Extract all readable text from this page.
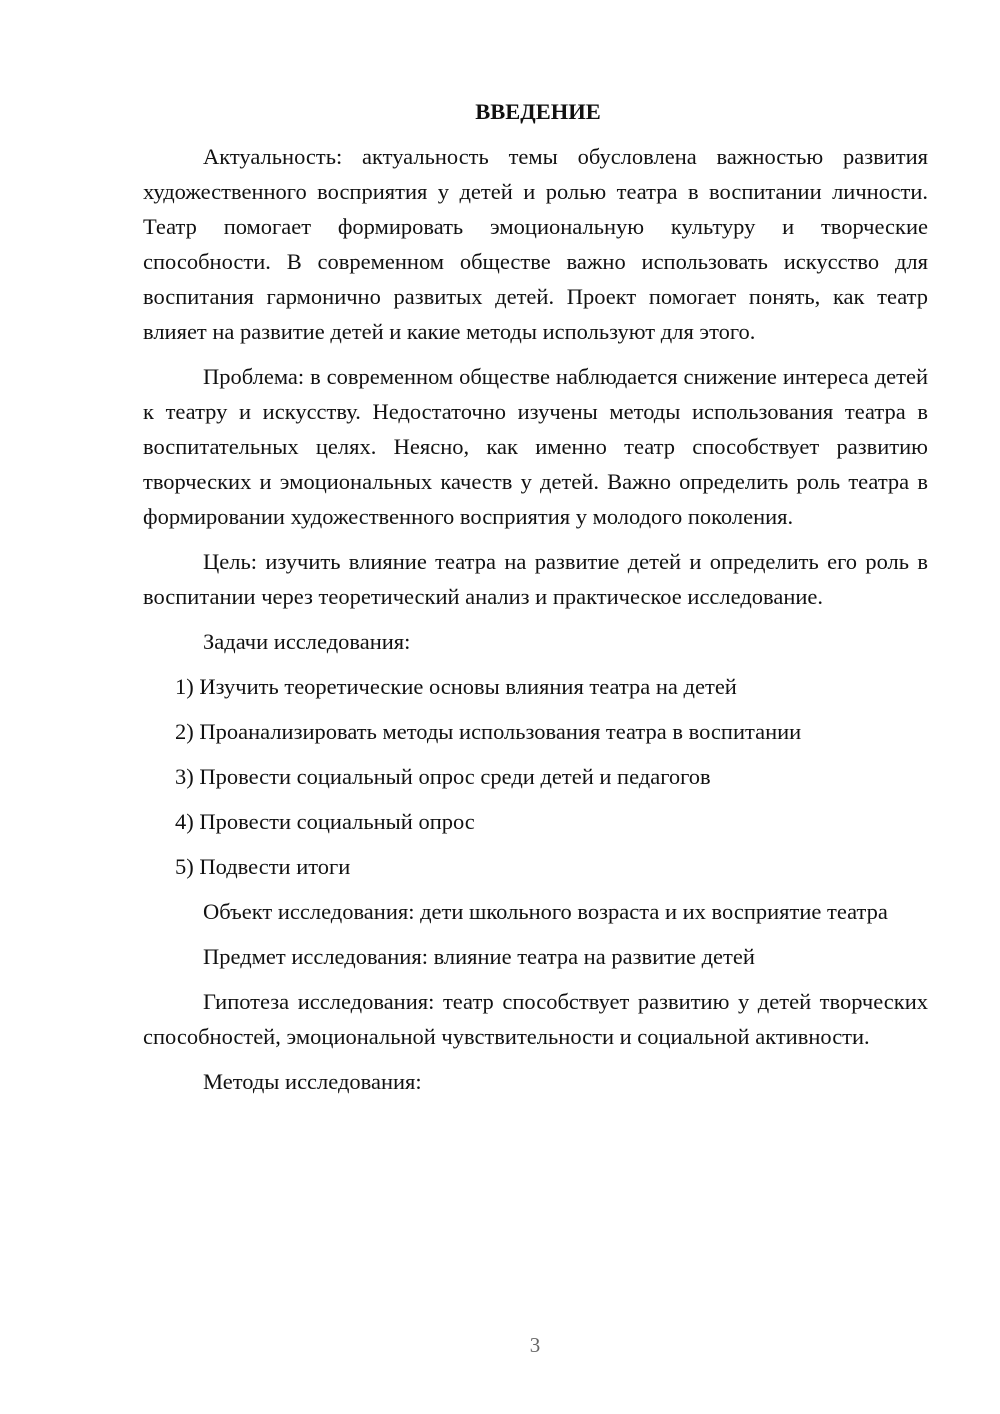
ВВЕДЕНИЕ

Актуальность: актуальность темы обусловлена важностью развития художественного восприятия у детей и ролью театра в воспитании личности. Театр помогает формировать эмоциональную культуру и творческие способности. В современном обществе важно использовать искусство для воспитания гармонично развитых детей. Проект помогает понять, как театр влияет на развитие детей и какие методы используют для этого.

Проблема: в современном обществе наблюдается снижение интереса детей к театру и искусству. Недостаточно изучены методы использования театра в воспитательных целях. Неясно, как именно театр способствует развитию творческих и эмоциональных качеств у детей. Важно определить роль театра в формировании художественного восприятия у молодого поколения.

Цель: изучить влияние театра на развитие детей и определить его роль в воспитании через теоретический анализ и практическое исследование.

Задачи исследования:

1) Изучить теоретические основы влияния театра на детей

2) Проанализировать методы использования театра в воспитании

3) Провести социальный опрос среди детей и педагогов

4) Провести социальный опрос

5) Подвести итоги

Объект исследования: дети школьного возраста и их восприятие театра

Предмет исследования: влияние театра на развитие детей

Гипотеза исследования: театр способствует развитию у детей творческих способностей, эмоциональной чувствительности и социальной активности.

Методы исследования:

3
